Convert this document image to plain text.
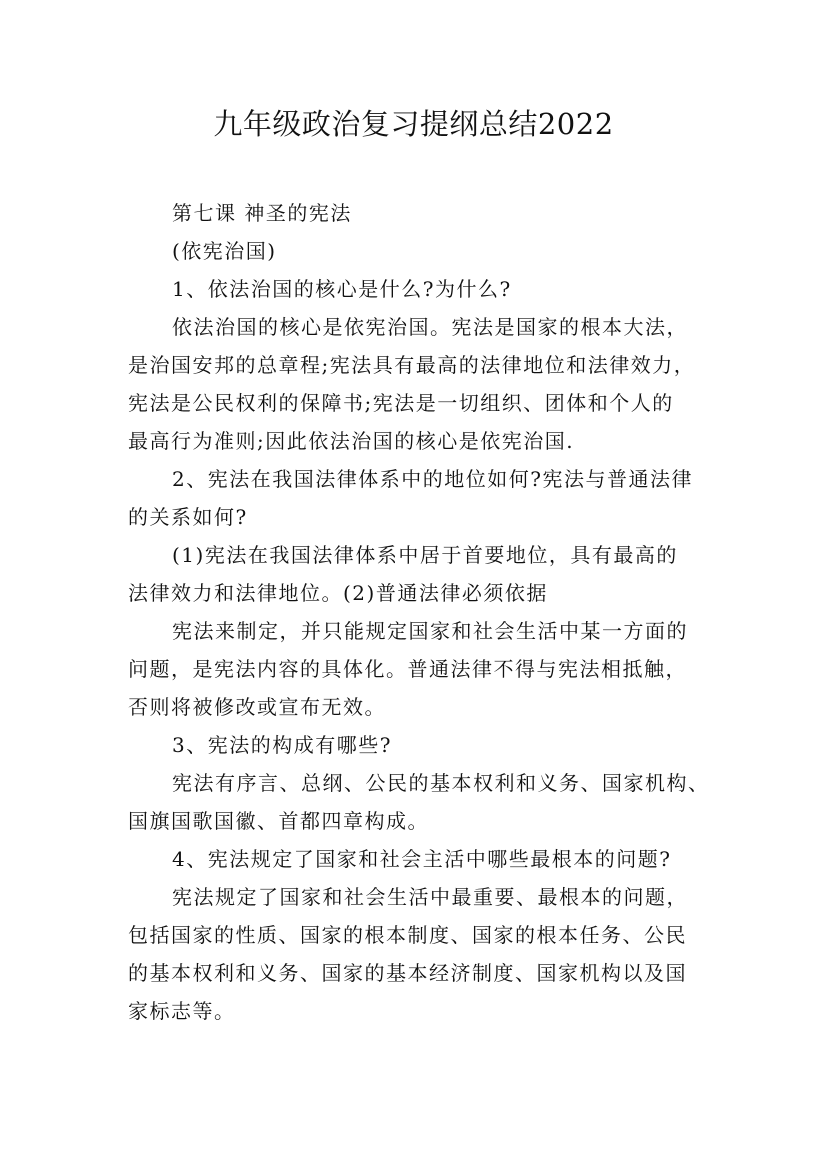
九年级政治复习提纲总结2022
第七课 神圣的宪法
(依宪治国)
1、依法治国的核心是什么?为什么?
依法治国的核心是依宪治国。宪法是国家的根本大法，
是治国安邦的总章程;宪法具有最高的法律地位和法律效力，
宪法是公民权利的保障书;宪法是一切组织、团体和个人的
最高行为准则;因此依法治国的核心是依宪治国.
2、宪法在我国法律体系中的地位如何?宪法与普通法律
的关系如何?
(1)宪法在我国法律体系中居于首要地位，具有最高的
法律效力和法律地位。(2)普通法律必须依据
宪法来制定，并只能规定国家和社会生活中某一方面的
问题，是宪法内容的具体化。普通法律不得与宪法相抵触，
否则将被修改或宣布无效。
3、宪法的构成有哪些?
宪法有序言、总纲、公民的基本权利和义务、国家机构、
国旗国歌国徽、首都四章构成。
4、宪法规定了国家和社会主活中哪些最根本的问题?
宪法规定了国家和社会生活中最重要、最根本的问题，
包括国家的性质、国家的根本制度、国家的根本任务、公民
的基本权利和义务、国家的基本经济制度、国家机构以及国
家标志等。
